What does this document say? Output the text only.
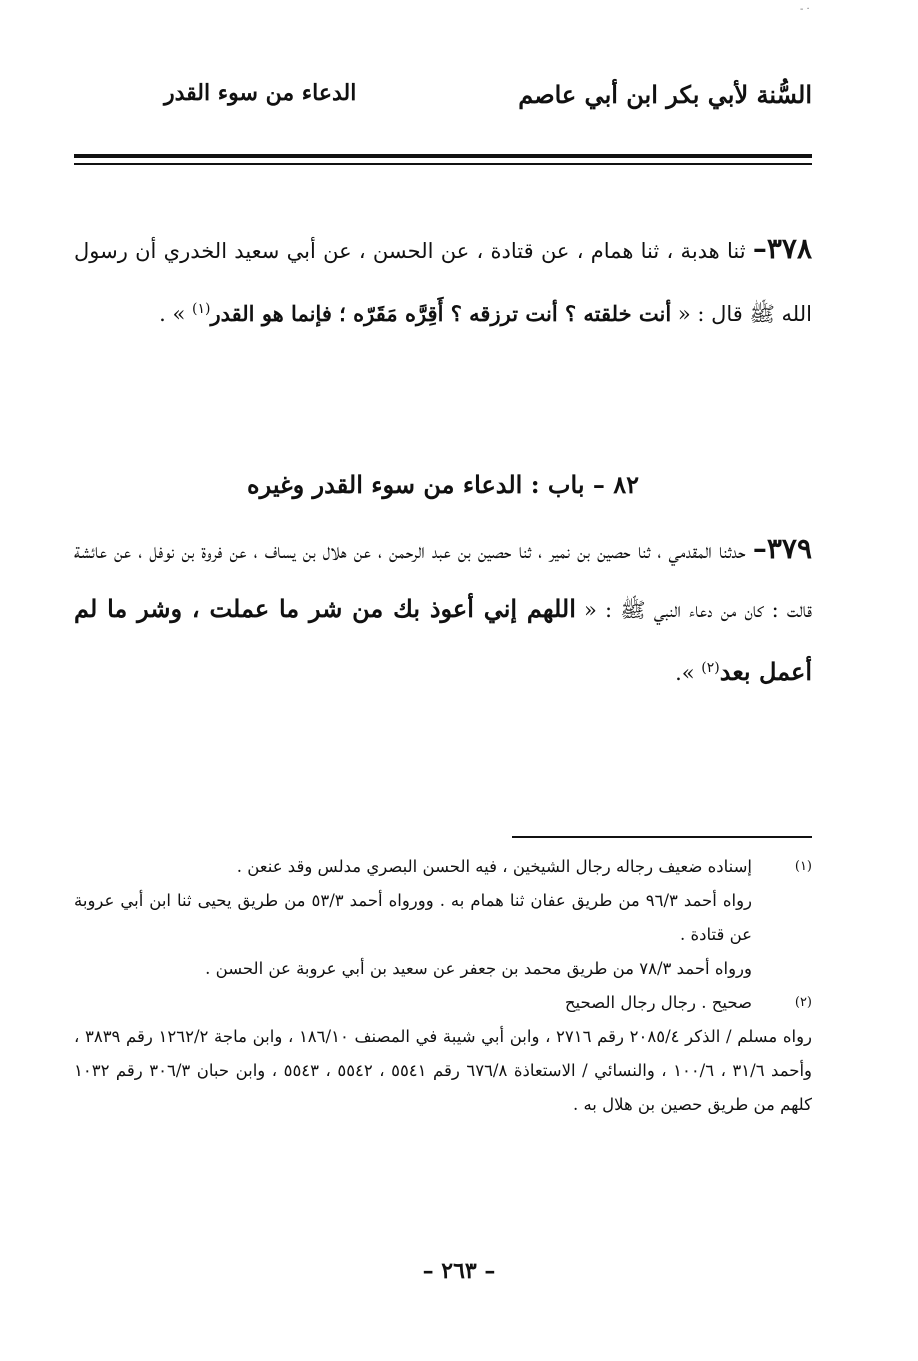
· -
السُّنة لأبي بكر ابن أبي عاصم
الدعاء من سوء القدر
٣٧٨– ثنا هدبة ، ثنا همام ، عن قتادة ، عن الحسن ، عن أبي سعيد الخدري أن رسول الله ﷺ قال : « أنت خلقته ؟ أنت ترزقه ؟ أَقِرَّه مَقَرّه ؛ فإنما هو القدر$^{(١)}$ » .
٨٢ – باب : الدعاء من سوء القدر وغيره
٣٧٩– حدثنا المقدمي ، ثنا حصين بن نمير ، ثنا حصين بن عبد الرحمن ، عن هلال بن يساف ، عن فروة بن نوفل ، عن عائشة قالت : كان من دعاء النبي ﷺ : « اللهم إني أعوذ بك من شر ما عملت ، وشر ما لم أعمل بعد$^{(٢)}$ ».
(١)
إسناده ضعيف رجاله رجال الشيخين ، فيه الحسن البصري مدلس وقد عنعن .
رواه أحمد ٩٦/٣ من طريق عفان ثنا همام به . وورواه أحمد ٥٣/٣ من طريق يحيى ثنا ابن أبي عروبة عن قتادة .
ورواه أحمد ٧٨/٣ من طريق محمد بن جعفر عن سعيد بن أبي عروبة عن الحسن .
(٢)
صحيح . رجال رجال الصحيح
رواه مسلم / الذكر ٢٠٨٥/٤ رقم ٢٧١٦ ، وابن أبي شيبة في المصنف ١٨٦/١٠ ، وابن ماجة ١٢٦٢/٢ رقم ٣٨٣٩ ، وأحمد ٣١/٦ ، ١٠٠/٦ ، والنسائي / الاستعاذة ٦٧٦/٨ رقم ٥٥٤١ ، ٥٥٤٢ ، ٥٥٤٣ ، وابن حبان ٣٠٦/٣ رقم ١٠٣٢ كلهم من طريق حصين بن هلال به .
– ٢٦٣ –
